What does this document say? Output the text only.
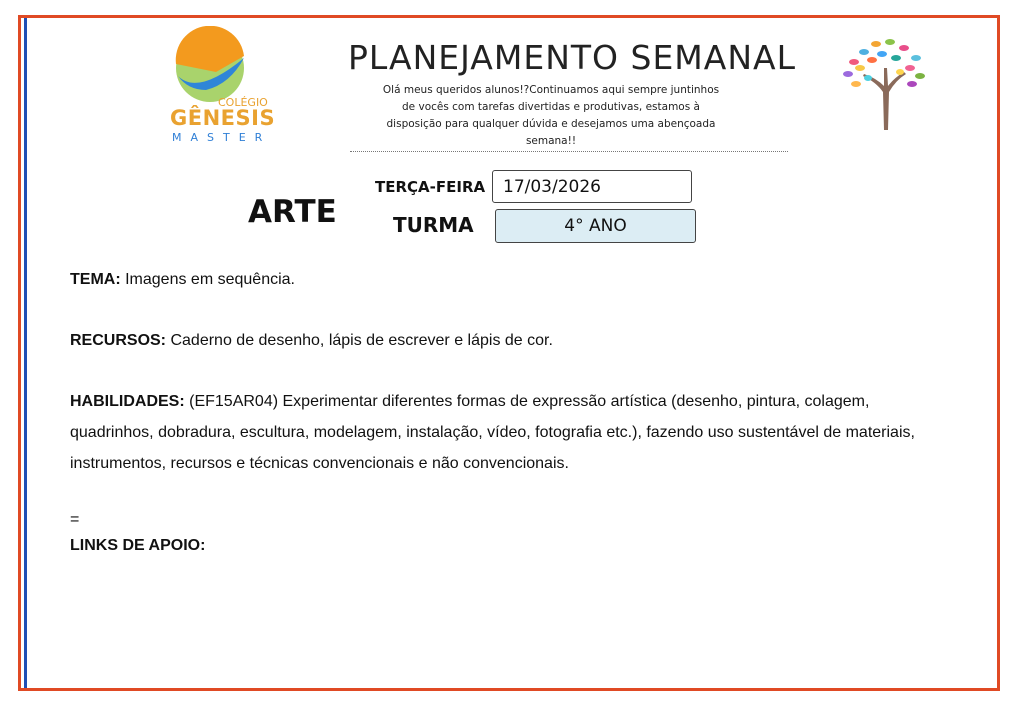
COLÉGIO
GÊNESIS
MASTER
PLANEJAMENTO SEMANAL
Olá meus queridos alunos!?Continuamos aqui sempre juntinhos de vocês com tarefas divertidas e produtivas, estamos à disposição para qualquer dúvida e desejamos uma abençoada semana!!
ARTE
TERÇA-FEIRA	17/03/2026
TURMA	4° ANO

TEMA: Imagens em sequência.

RECURSOS: Caderno de desenho, lápis de escrever e lápis de cor.

HABILIDADES: (EF15AR04) Experimentar diferentes formas de expressão artística (desenho, pintura, colagem, quadrinhos, dobradura, escultura, modelagem, instalação, vídeo, fotografia etc.), fazendo uso sustentável de materiais, instrumentos, recursos e técnicas convencionais e não convencionais.

=

LINKS DE APOIO:
